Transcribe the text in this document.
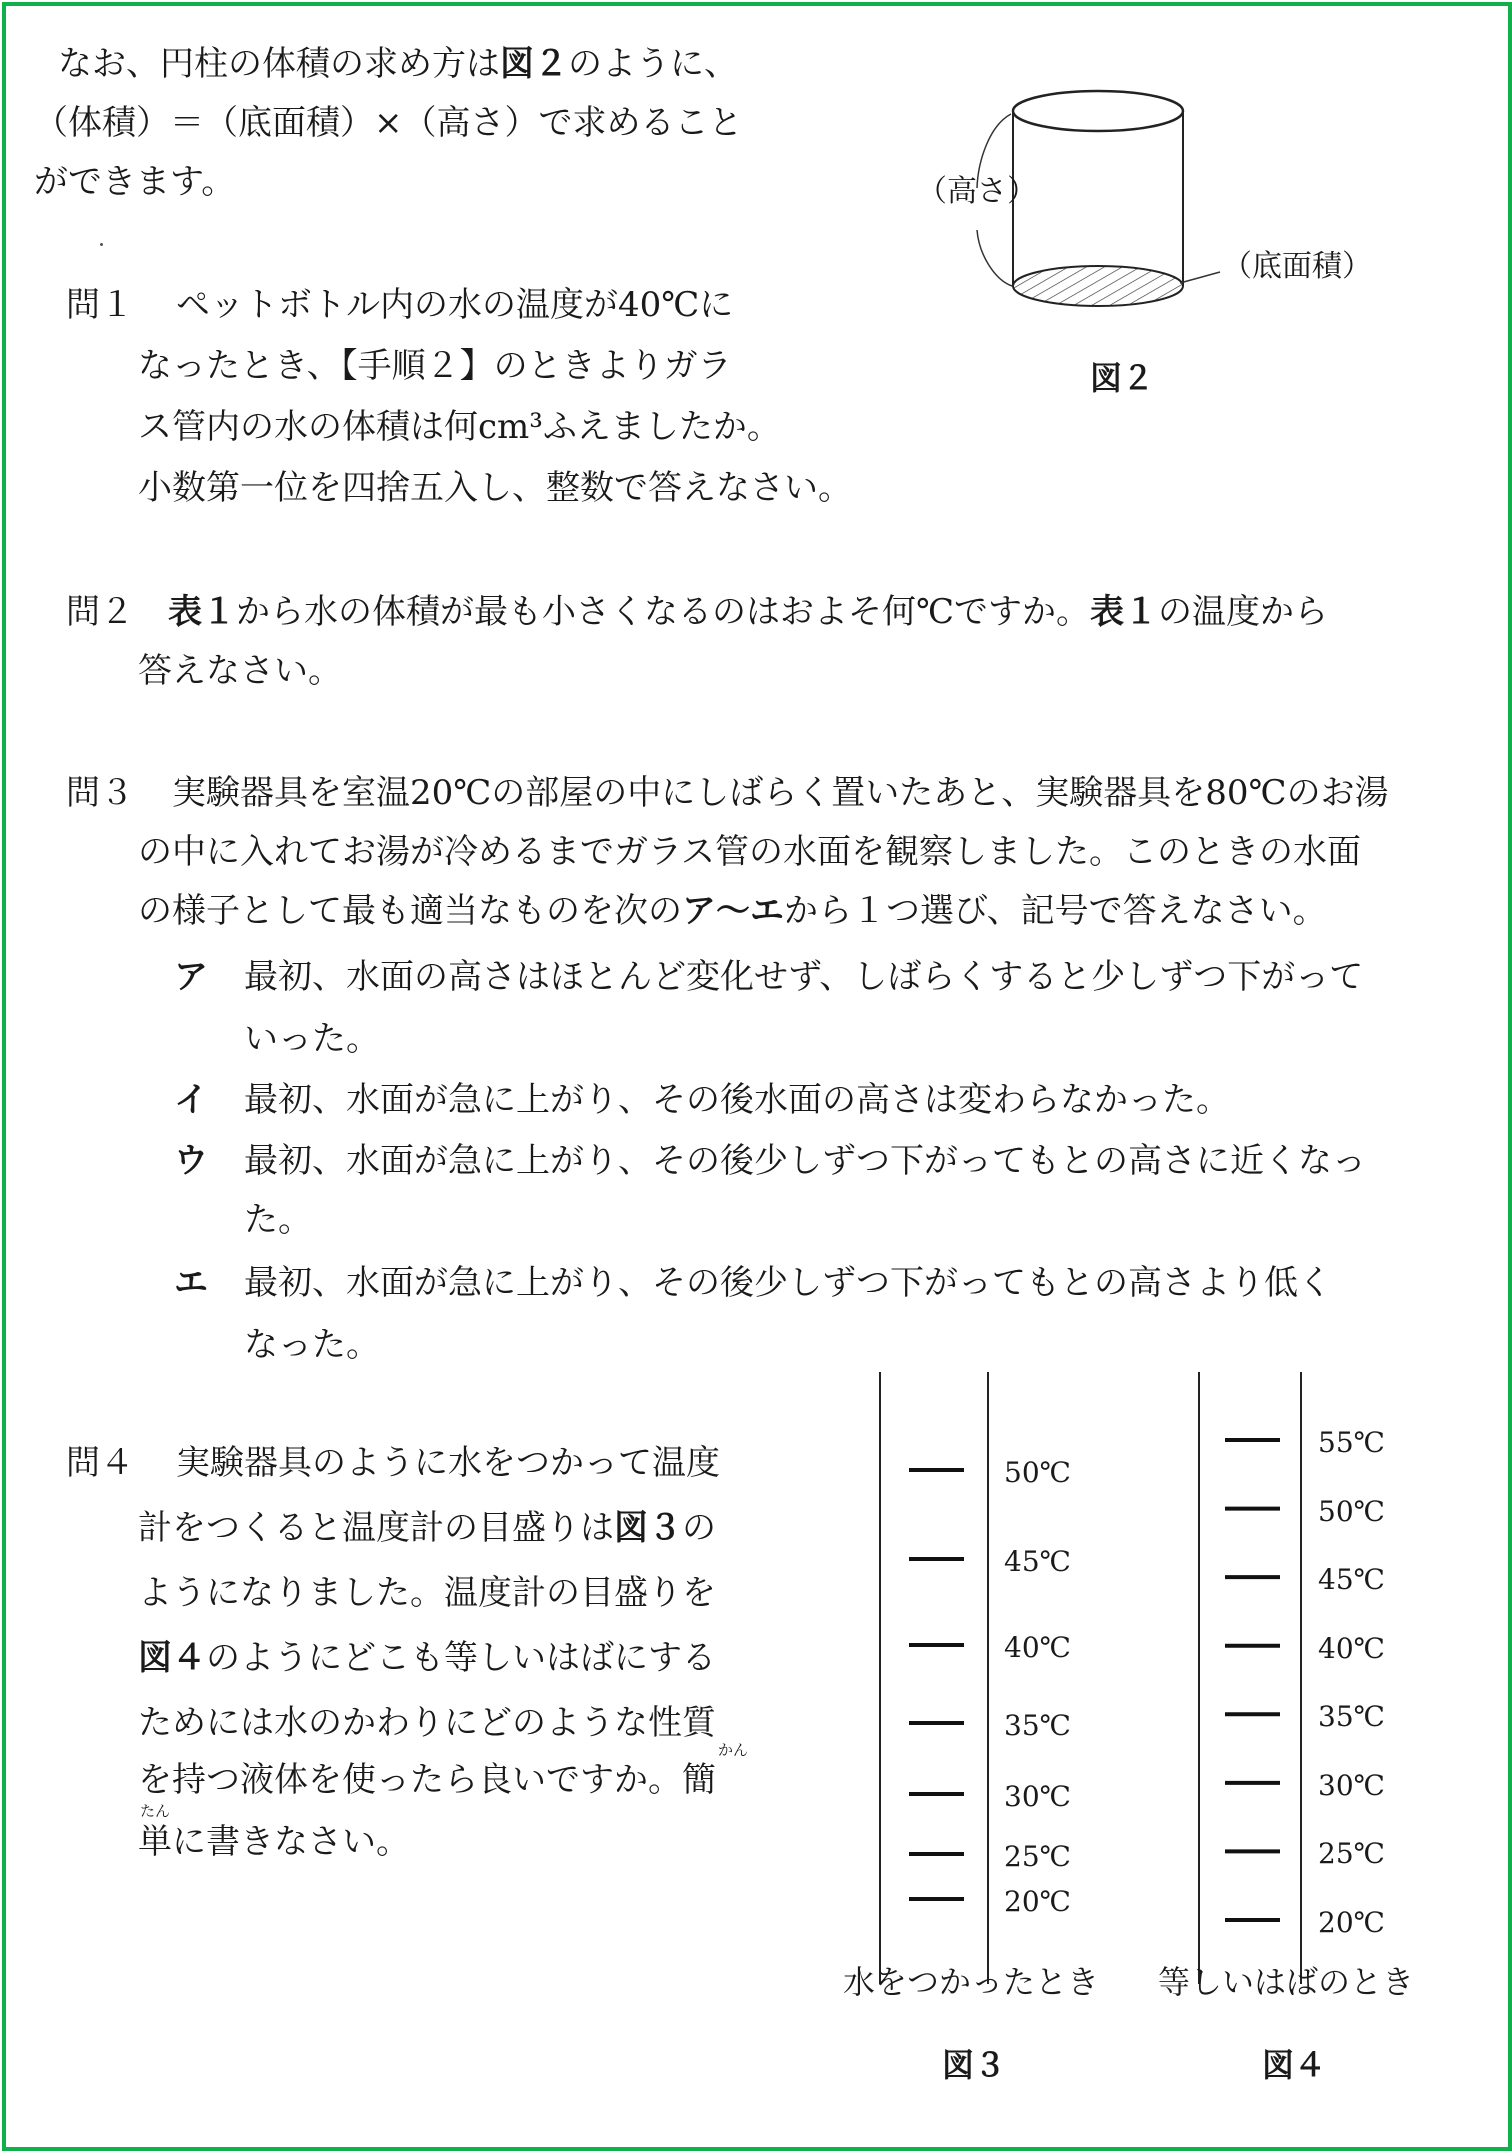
なお、円柱の体積の求め方は図２のように、
（体積）＝（底面積）×（高さ）で求めること
ができます。	（高さ）
（底面積）
図２
問１ ペットボトル内の水の温度が40℃に
なったとき、【手順２】のときよりガラ
ス管内の水の体積は何cm³ふえましたか。
小数第一位を四捨五入し、整数で答えなさい。
問２ 表１から水の体積が最も小さくなるのはおよそ何℃ですか。表１の温度から
答えなさい。
問３ 実験器具を室温20℃の部屋の中にしばらく置いたあと、実験器具を80℃のお湯
の中に入れてお湯が冷めるまでガラス管の水面を観察しました。このときの水面
の様子として最も適当なものを次のア～エから１つ選び、記号で答えなさい。
ア 最初、水面の高さはほとんど変化せず、しばらくすると少しずつ下がって
いった。
イ 最初、水面が急に上がり、その後水面の高さは変わらなかった。
ウ 最初、水面が急に上がり、その後少しずつ下がってもとの高さに近くなっ
た。
エ 最初、水面が急に上がり、その後少しずつ下がってもとの高さより低く
なった。
問４ 実験器具のように水をつかって温度
計をつくると温度計の目盛りは図３の
ようになりました。温度計の目盛りを
図４のようにどこも等しいはばにする
ためには水のかわりにどのような性質
かん
を持つ液体を使ったら良いですか。簡
たん
単に書きなさい。
50℃
45℃
40℃
35℃
30℃
25℃
20℃
55℃
50℃
45℃
40℃
35℃
30℃
25℃
20℃
水をつかったとき 等しいはばのとき
図３	図４
